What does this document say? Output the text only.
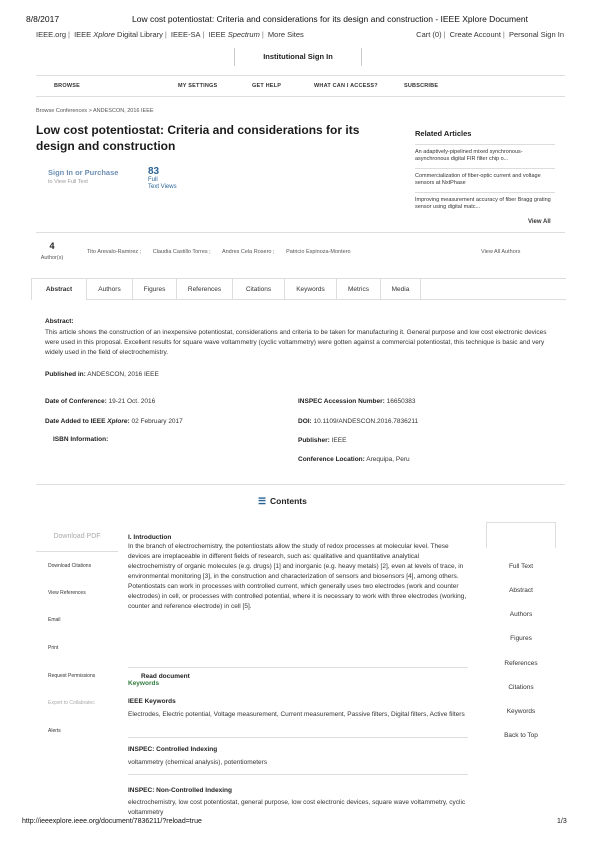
8/8/2017	Low cost potentiostat: Criteria and considerations for its design and construction - IEEE Xplore Document
IEEE.org | IEEE Xplore Digital Library | IEEE-SA | IEEE Spectrum | More Sites	Cart (0) | Create Account | Personal Sign In
Institutional Sign In
BROWSE	MY SETTINGS	GET HELP	WHAT CAN I ACCESS?	SUBSCRIBE
Browse Conferences > ANDESCON, 2016 IEEE
Low cost potentiostat: Criteria and considerations for its design and construction
Sign In or Purchase
to View Full Text
83
Full
Text Views
Related Articles
An adaptively-pipelined mixed synchronous-asynchronous digital FIR filter chip o...
Commercialization of fiber-optic current and voltage sensors at NxtPhase
Improving measurement accuracy of fiber Bragg grating sensor using digital matc...
View All
4
Author(s)
Tito Arevalo-Ramirez ; Claudia Castillo Torres ; Andres Cela Rosero ; Patricio Espinoza-Montero	View All Authors
Abstract	Authors	Figures	References	Citations	Keywords	Metrics	Media
Abstract:
This article shows the construction of an inexpensive potentiostat, considerations and criteria to be taken for manufacturing it. General purpose and low cost electronic devices were used in this proposal. Excellent results for square wave voltammetry (cyclic voltammetry) were gotten against a commercial potentiostat, this technique is basic and very widely used in the field of electrochemistry.
Published in: ANDESCON, 2016 IEEE
Date of Conference: 19-21 Oct. 2016
Date Added to IEEE Xplore: 02 February 2017
ISBN Information:
INSPEC Accession Number: 16650383
DOI: 10.1109/ANDESCON.2016.7836211
Publisher: IEEE
Conference Location: Arequipa, Peru
☰ Contents
Download PDF
Download Citations
View References
Email
Print
Request Permissions
Export to Collabratec
Alerts
I. Introduction
In the branch of electrochemistry, the potentiostats allow the study of redox processes at molecular level. These devices are irreplaceable in different fields of research, such as: qualitative and quantitative analytical electrochemistry of organic molecules (e.g. drugs) [1] and inorganic (e.g. heavy metals) [2], even at levels of trace, in environmental monitoring [3], in the construction and characterization of sensors and biosensors [4], among others. Potentiostats can work in processes with controlled current, which generally uses two electrodes (work and counter electrodes) in cell, or processes with controlled potential, where it is necessary to work with three electrodes (working, counter and reference electrode) in cell [5].
Read document
Keywords
IEEE Keywords
Electrodes, Electric potential, Voltage measurement, Current measurement, Passive filters, Digital filters, Active filters
INSPEC: Controlled Indexing
voltammetry (chemical analysis), potentiometers
INSPEC: Non-Controlled Indexing
electrochemistry, low cost potentiostat, general purpose, low cost electronic devices, square wave voltammetry, cyclic voltammetry
Full Text
Abstract
Authors
Figures
References
Citations
Keywords
Back to Top
http://ieeexplore.ieee.org/document/7836211/?reload=true	1/3
